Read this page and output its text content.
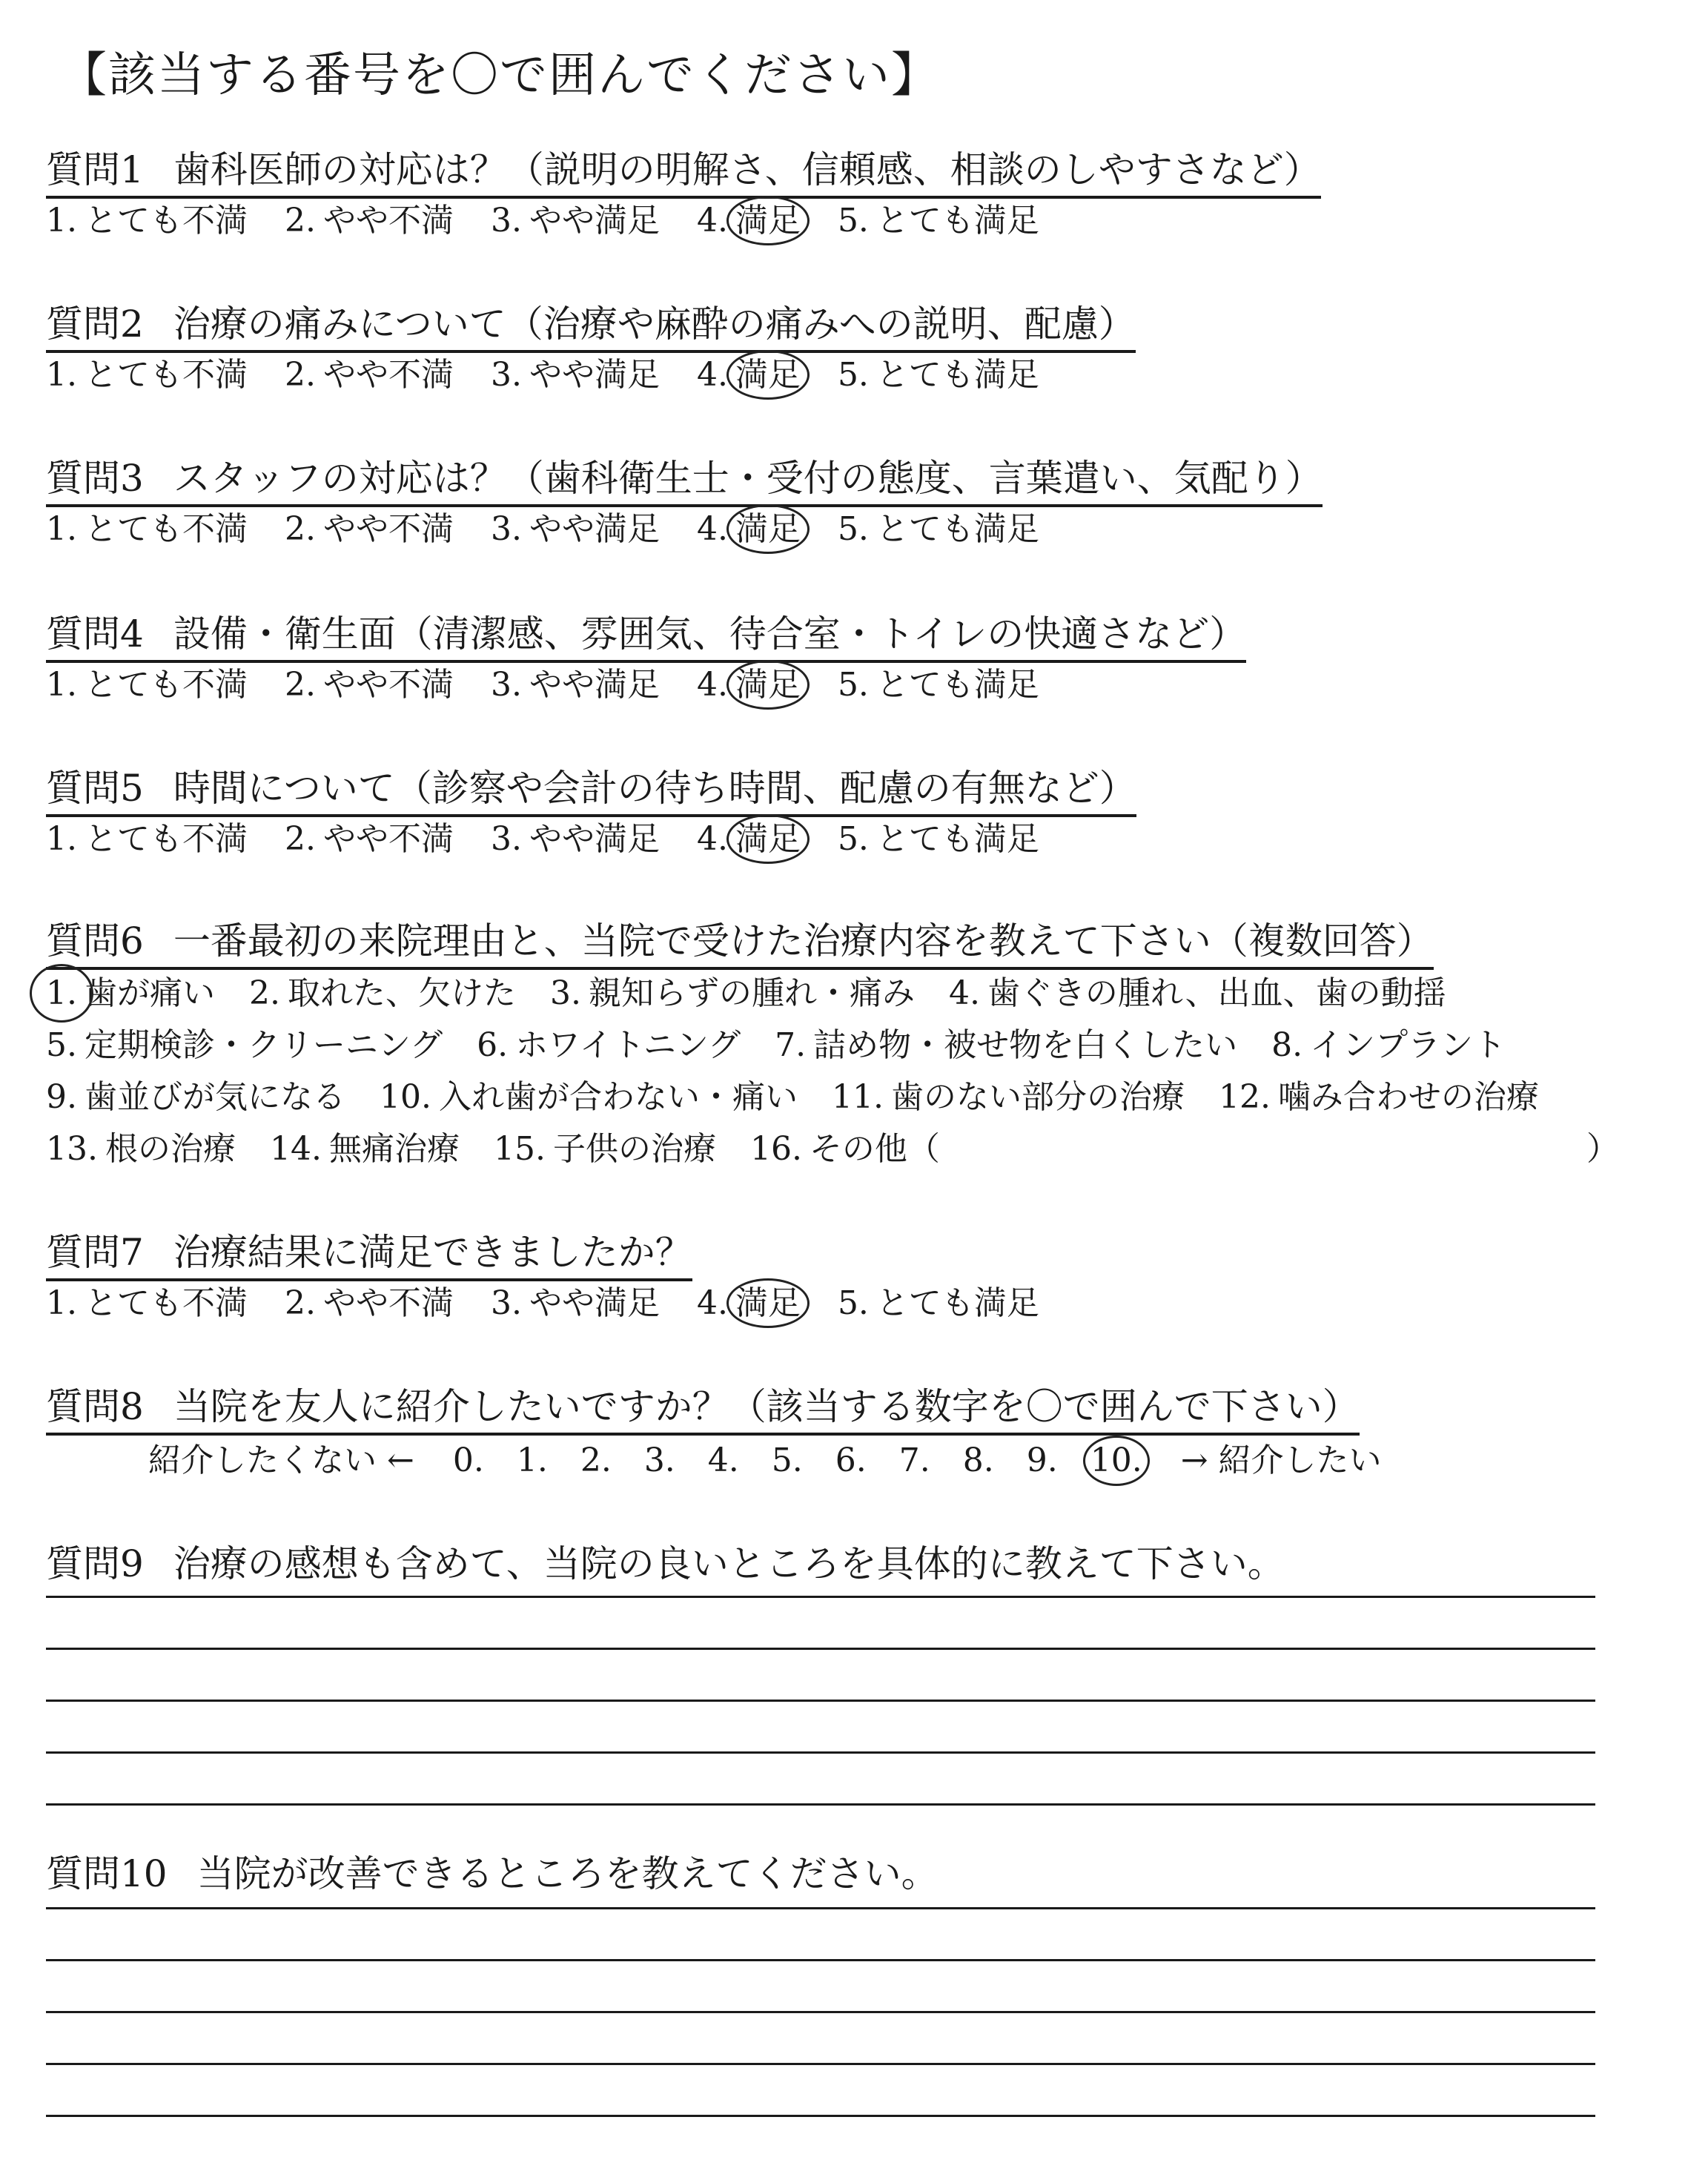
【該当する番号を〇で囲んでください】
質問1 歯科医師の対応は？（説明の明解さ、信頼感、相談のしやすさなど）
1. とても不満 2. やや不満 3. やや満足 4. 満足 5. とても満足
質問2 治療の痛みについて（治療や麻酔の痛みへの説明、配慮）
1. とても不満 2. やや不満 3. やや満足 4. 満足 5. とても満足
質問3 スタッフの対応は？（歯科衛生士・受付の態度、言葉遣い、気配り）
1. とても不満 2. やや不満 3. やや満足 4. 満足 5. とても満足
質問4 設備・衛生面（清潔感、雰囲気、待合室・トイレの快適さなど）
1. とても不満 2. やや不満 3. やや満足 4. 満足 5. とても満足
質問5 時間について（診察や会計の待ち時間、配慮の有無など）
1. とても不満 2. やや不満 3. やや満足 4. 満足 5. とても満足
質問6 一番最初の来院理由と、当院で受けた治療内容を教えて下さい（複数回答）
1. 歯が痛い 2. 取れた、欠けた 3. 親知らずの腫れ・痛み 4. 歯ぐきの腫れ、出血、歯の動揺
5. 定期検診・クリーニング 6. ホワイトニング 7. 詰め物・被せ物を白くしたい 8. インプラント
9. 歯並びが気になる 10. 入れ歯が合わない・痛い 11. 歯のない部分の治療 12. 噛み合わせの治療
13. 根の治療 14. 無痛治療 15. 子供の治療 16. その他（	）
質問7 治療結果に満足できましたか？
1. とても不満 2. やや不満 3. やや満足 4. 満足 5. とても満足
質問8 当院を友人に紹介したいですか？（該当する数字を〇で囲んで下さい）
紹介したくない ← 0. 1. 2. 3. 4. 5. 6. 7. 8. 9. 10. → 紹介したい
質問9 治療の感想も含めて、当院の良いところを具体的に教えて下さい。
質問10 当院が改善できるところを教えてください。
